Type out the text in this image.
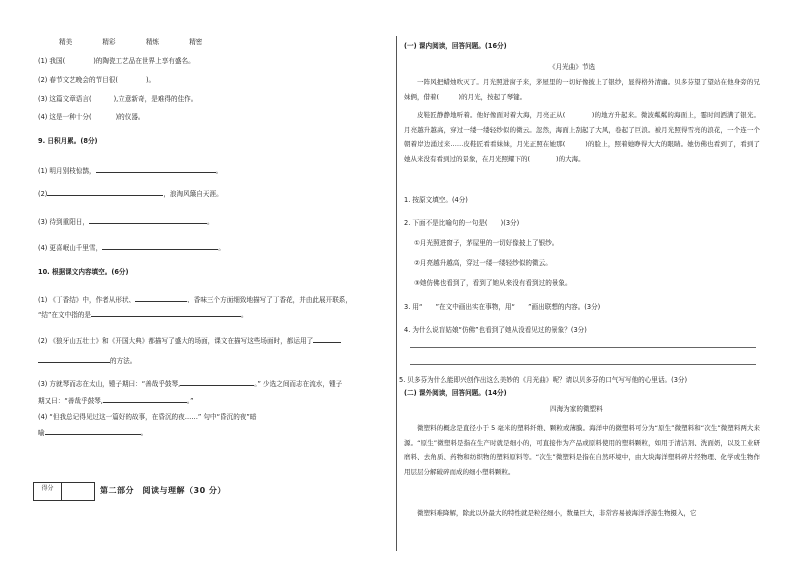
精美	精彩	精炼	精密
(1) 我国(	)的陶瓷工艺品在世界上享有盛名。
(2) 春节文艺晚会的节目很(	)。
(3) 这篇文章语言(	),立意新奇，是难得的佳作。
(4) 这是一种十分(	)的仪器。
9. 日积月累。(8分)
(1) 明月别枝惊鹊，	。
(2)	，浪淘风簸自天涯。
(3) 待到重阳日，	。
(4) 更喜岷山千里雪，	。
10. 根据课文内容填空。(6分)
(1) 《丁香结》中，作者从形状、	、香味三个方面细致地描写了丁香花，并由此展开联系，
“结”在文中指的是	。
(2) 《狼牙山五壮士》和《开国大典》都描写了盛大的场面，课文在描写这些场面时，都运用了
的方法。
(3) 方就琴而志在太山，锺子期曰：“善哉乎鼓琴,	。” 少选之间而志在流水，锺子
期又曰：“善哉乎鼓琴,	。”
(4) “但我总记得见过这一篇好的故事，在昏沉的夜……” 句中“昏沉的夜”暗
喻	。
得分	第二部分　阅读与理解（30 分）
(一) 课内阅读，回答问题。(16分)
《月光曲》节选
一阵风把蜡烛吹灭了。月光照进窗子来，茅屋里的一切好像披上了银纱，显得格外清幽。贝多芬望了望站在他身旁的兄妹俩，借着(　　　)的月光，按起了琴键。
皮鞋匠静静地听着。他好像面对着大海，月亮正从(　　　　)的地方升起来。微波粼粼的海面上，霎时间洒满了银光。月亮越升越高，穿过一缕一缕轻纱似的微云。忽然，海面上刮起了大风，卷起了巨浪。被月光照得雪亮的浪花，一个连一个朝着岸边涌过来……皮鞋匠看看妹妹，月光正照在她那(　　　)的脸上，照着她睁得大大的眼睛。她仿佛也看到了，看到了她从来没有看到过的景象，在月光照耀下的(　　　　)的大海。
1. 按原文填空。(4分)
2. 下面不是比喻句的一句是(　　)(3分)
①月光照进窗子，茅屋里的一切好像披上了银纱。
②月亮越升越高，穿过一缕一缕轻纱似的微云。
③她仿佛也看到了，看到了她从来没有看到过的景象。
3. 用“　　”在文中画出实在事物，用“　　”画出联想的内容。(3分)
4. 为什么说盲姑娘“仿佛”也看到了她从没看见过的景象？(3分)
5. 贝多芬为什么能即兴创作出这么美妙的《月光曲》呢？请以贝多芬的口气写写他的心里话。(3分)
(二) 课外阅读，回答问题。(14分)
四海为家的微塑料
微塑料的概念是直径小于 5 毫米的塑料纤维、颗粒或薄膜。海洋中的微塑料可分为“原生”微塑料和“次生”微塑料两大来源。“原生”微塑料是指在生产时就是细小的，可直接作为产品或原料使用的塑料颗粒，如用于清洁剂、洗面奶，以及工业研磨料、去角质、药物和纺织物的塑料原料等。“次生”微塑料是指在自然环境中，由大块海洋塑料碎片经物理、化学或生物作用层层分解破碎而成的细小塑料颗粒。
微塑料难降解，除此以外最大的特性就是粒径细小，数量巨大，非常容易被海洋浮游生物摄入，它
